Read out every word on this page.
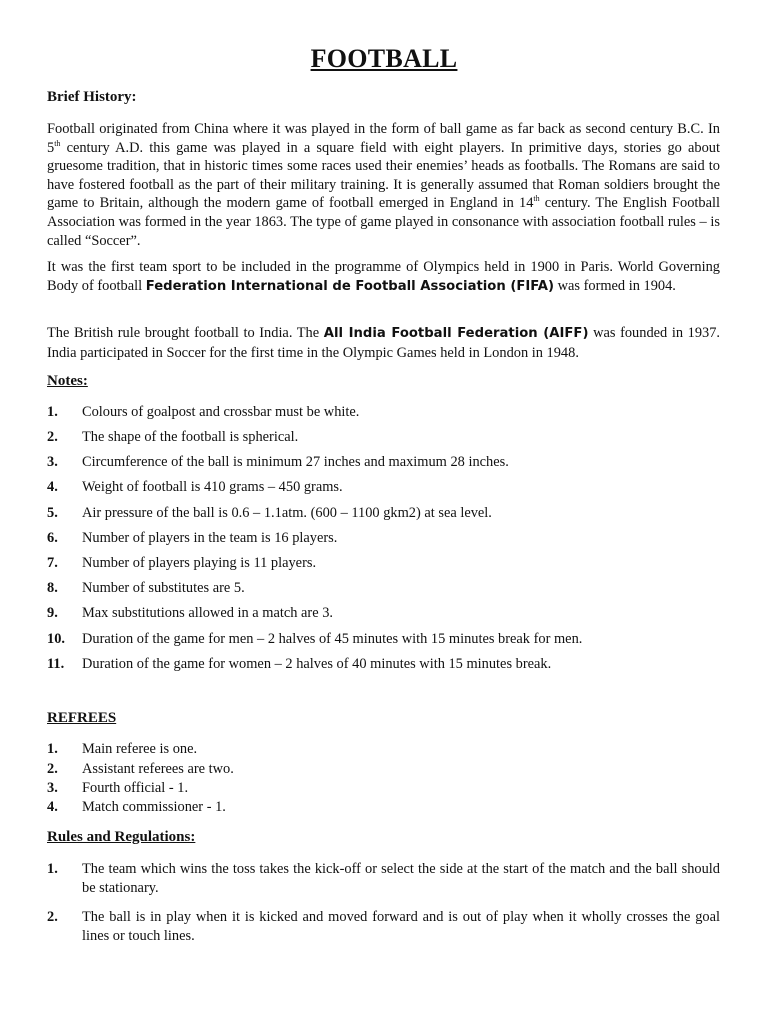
FOOTBALL
Brief History:

Football originated from China where it was played in the form of ball game as far back as second century B.C. In 5th century A.D. this game was played in a square field with eight players. In primitive days, stories go about gruesome tradition, that in historic times some races used their enemies’ heads as footballs. The Romans are said to have fostered football as the part of their military training. It is generally assumed that Roman soldiers brought the game to Britain, although the modern game of football emerged in England in 14th century. The English Football Association was formed in the year 1863. The type of game played in consonance with association football rules – is called “Soccer”.

It was the first team sport to be included in the programme of Olympics held in 1900 in Paris. World Governing Body of football Federation International de Football Association (FIFA) was formed in 1904.

The British rule brought football to India. The All India Football Federation (AIFF) was founded in 1937. India participated in Soccer for the first time in the Olympic Games held in London in 1948.

Notes:
1. Colours of goalpost and crossbar must be white.
2. The shape of the football is spherical.
3. Circumference of the ball is minimum 27 inches and maximum 28 inches.
4. Weight of football is 410 grams – 450 grams.
5. Air pressure of the ball is 0.6 – 1.1atm. (600 – 1100 gkm2) at sea level.
6. Number of players in the team is 16 players.
7. Number of players playing is 11 players.
8. Number of substitutes are 5.
9. Max substitutions allowed in a match are 3.
10. Duration of the game for men – 2 halves of 45 minutes with 15 minutes break for men.
11. Duration of the game for women – 2 halves of 40 minutes with 15 minutes break.
REFREES
1. Main referee is one.
2. Assistant referees are two.
3. Fourth official - 1.
4. Match commissioner - 1.
Rules and Regulations:
1. The team which wins the toss takes the kick-off or select the side at the start of the match and the ball should be stationary.
2. The ball is in play when it is kicked and moved forward and is out of play when it wholly crosses the goal lines or touch lines.
